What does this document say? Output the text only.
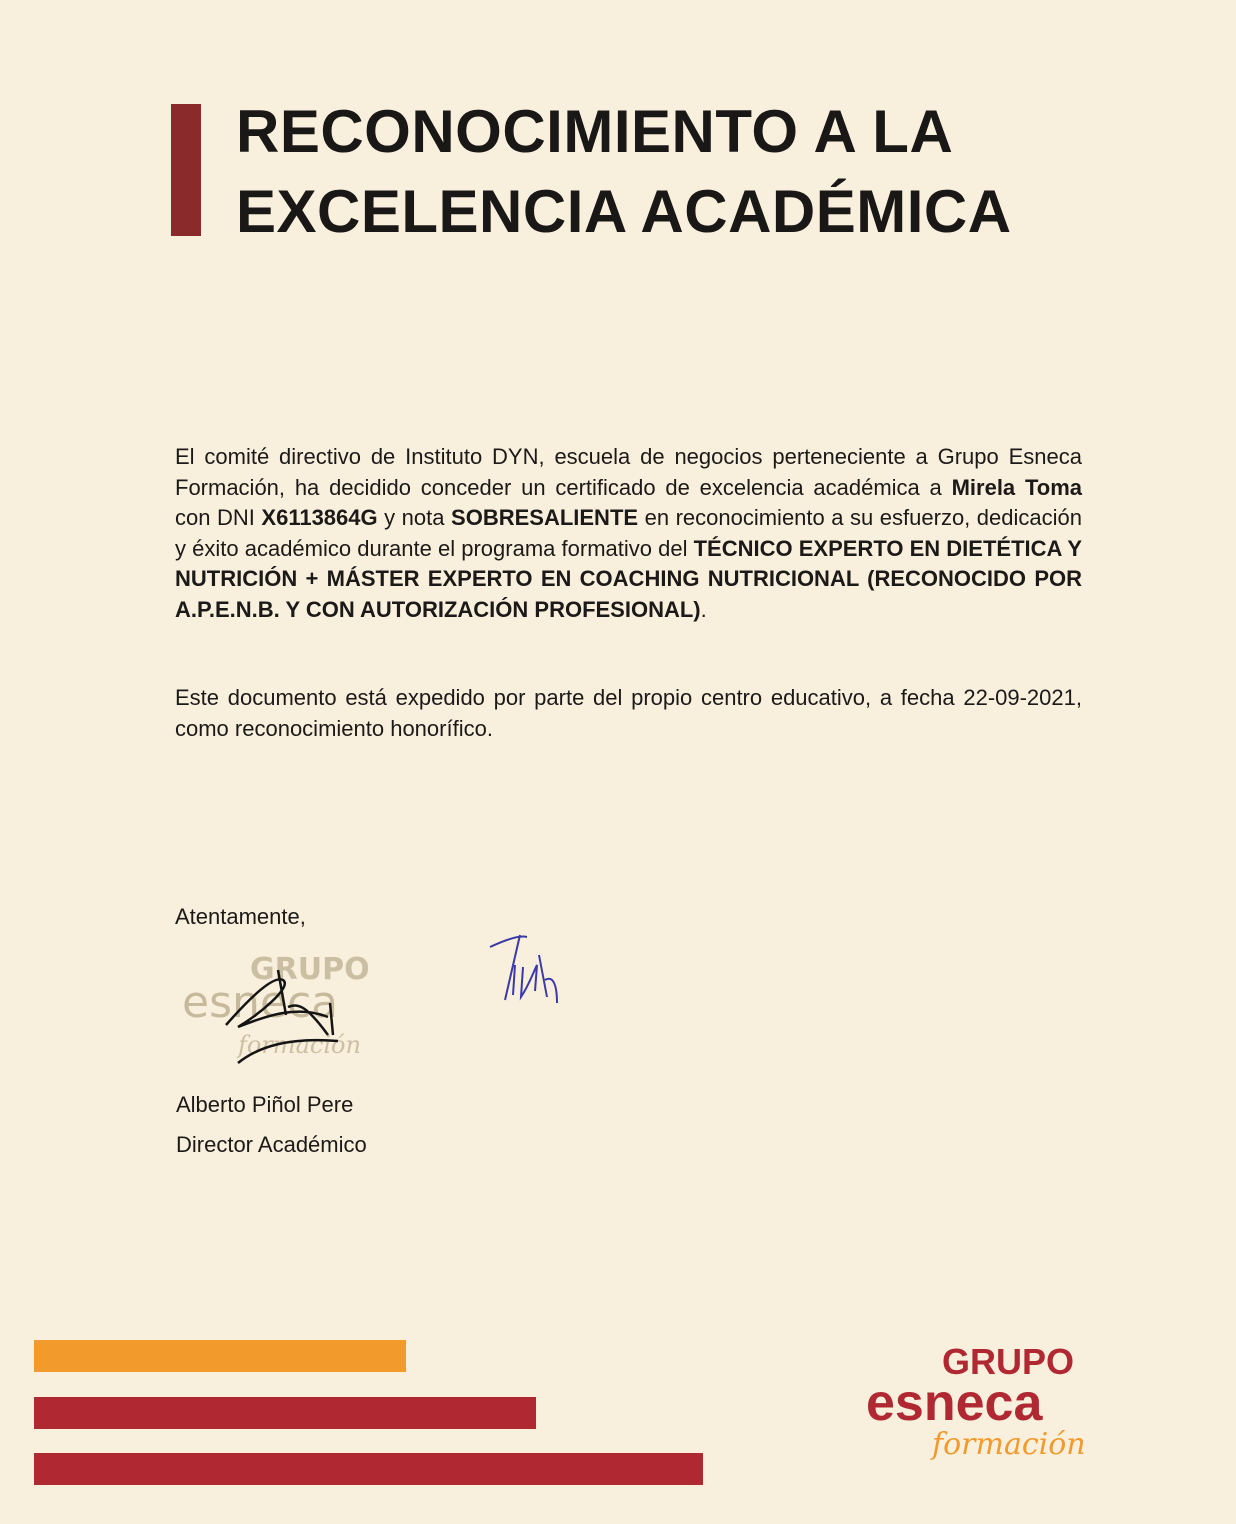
RECONOCIMIENTO A LA
EXCELENCIA ACADÉMICA

El comité directivo de Instituto DYN, escuela de negocios perteneciente a Grupo Esneca Formación, ha decidido conceder un certificado de excelencia académica a Mirela Toma con DNI X6113864G y nota SOBRESALIENTE en reconocimiento a su esfuerzo, dedicación y éxito académico durante el programa formativo del TÉCNICO EXPERTO EN DIETÉTICA Y NUTRICIÓN + MÁSTER EXPERTO EN COACHING NUTRICIONAL (RECONOCIDO POR A.P.E.N.B. Y CON AUTORIZACIÓN PROFESIONAL).

Este documento está expedido por parte del propio centro educativo, a fecha 22-09-2021, como reconocimiento honorífico.

Atentamente,

GRUPO
esneca
formación

Alberto Piñol Pere

Director Académico

GRUPO
esneca
formación
